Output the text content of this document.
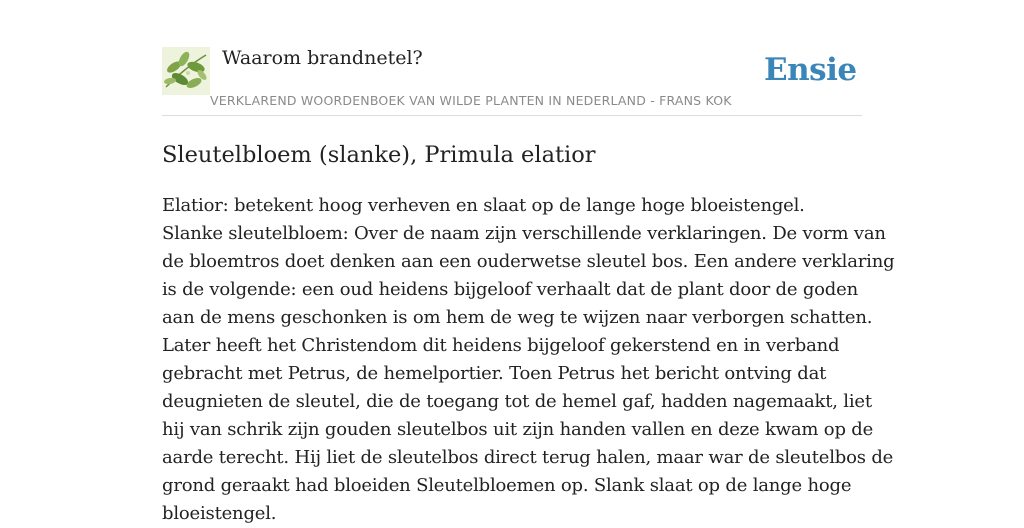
Waarom brandnetel?
VERKLAREND WOORDENBOEK VAN WILDE PLANTEN IN NEDERLAND - FRANS KOK
Ensie
Sleutelbloem (slanke), Primula elatior
Elatior: betekent hoog verheven en slaat op de lange hoge bloeistengel.
Slanke sleutelbloem: Over de naam zijn verschillende verklaringen. De vorm van
de bloemtros doet denken aan een ouderwetse sleutel bos. Een andere verklaring
is de volgende: een oud heidens bijgeloof verhaalt dat de plant door de goden
aan de mens geschonken is om hem de weg te wijzen naar verborgen schatten.
Later heeft het Christendom dit heidens bijgeloof gekerstend en in verband
gebracht met Petrus, de hemelportier. Toen Petrus het bericht ontving dat
deugnieten de sleutel, die de toegang tot de hemel gaf, hadden nagemaakt, liet
hij van schrik zijn gouden sleutelbos uit zijn handen vallen en deze kwam op de
aarde terecht. Hij liet de sleutelbos direct terug halen, maar war de sleutelbos de
grond geraakt had bloeiden Sleutelbloemen op. Slank slaat op de lange hoge
bloeistengel.
